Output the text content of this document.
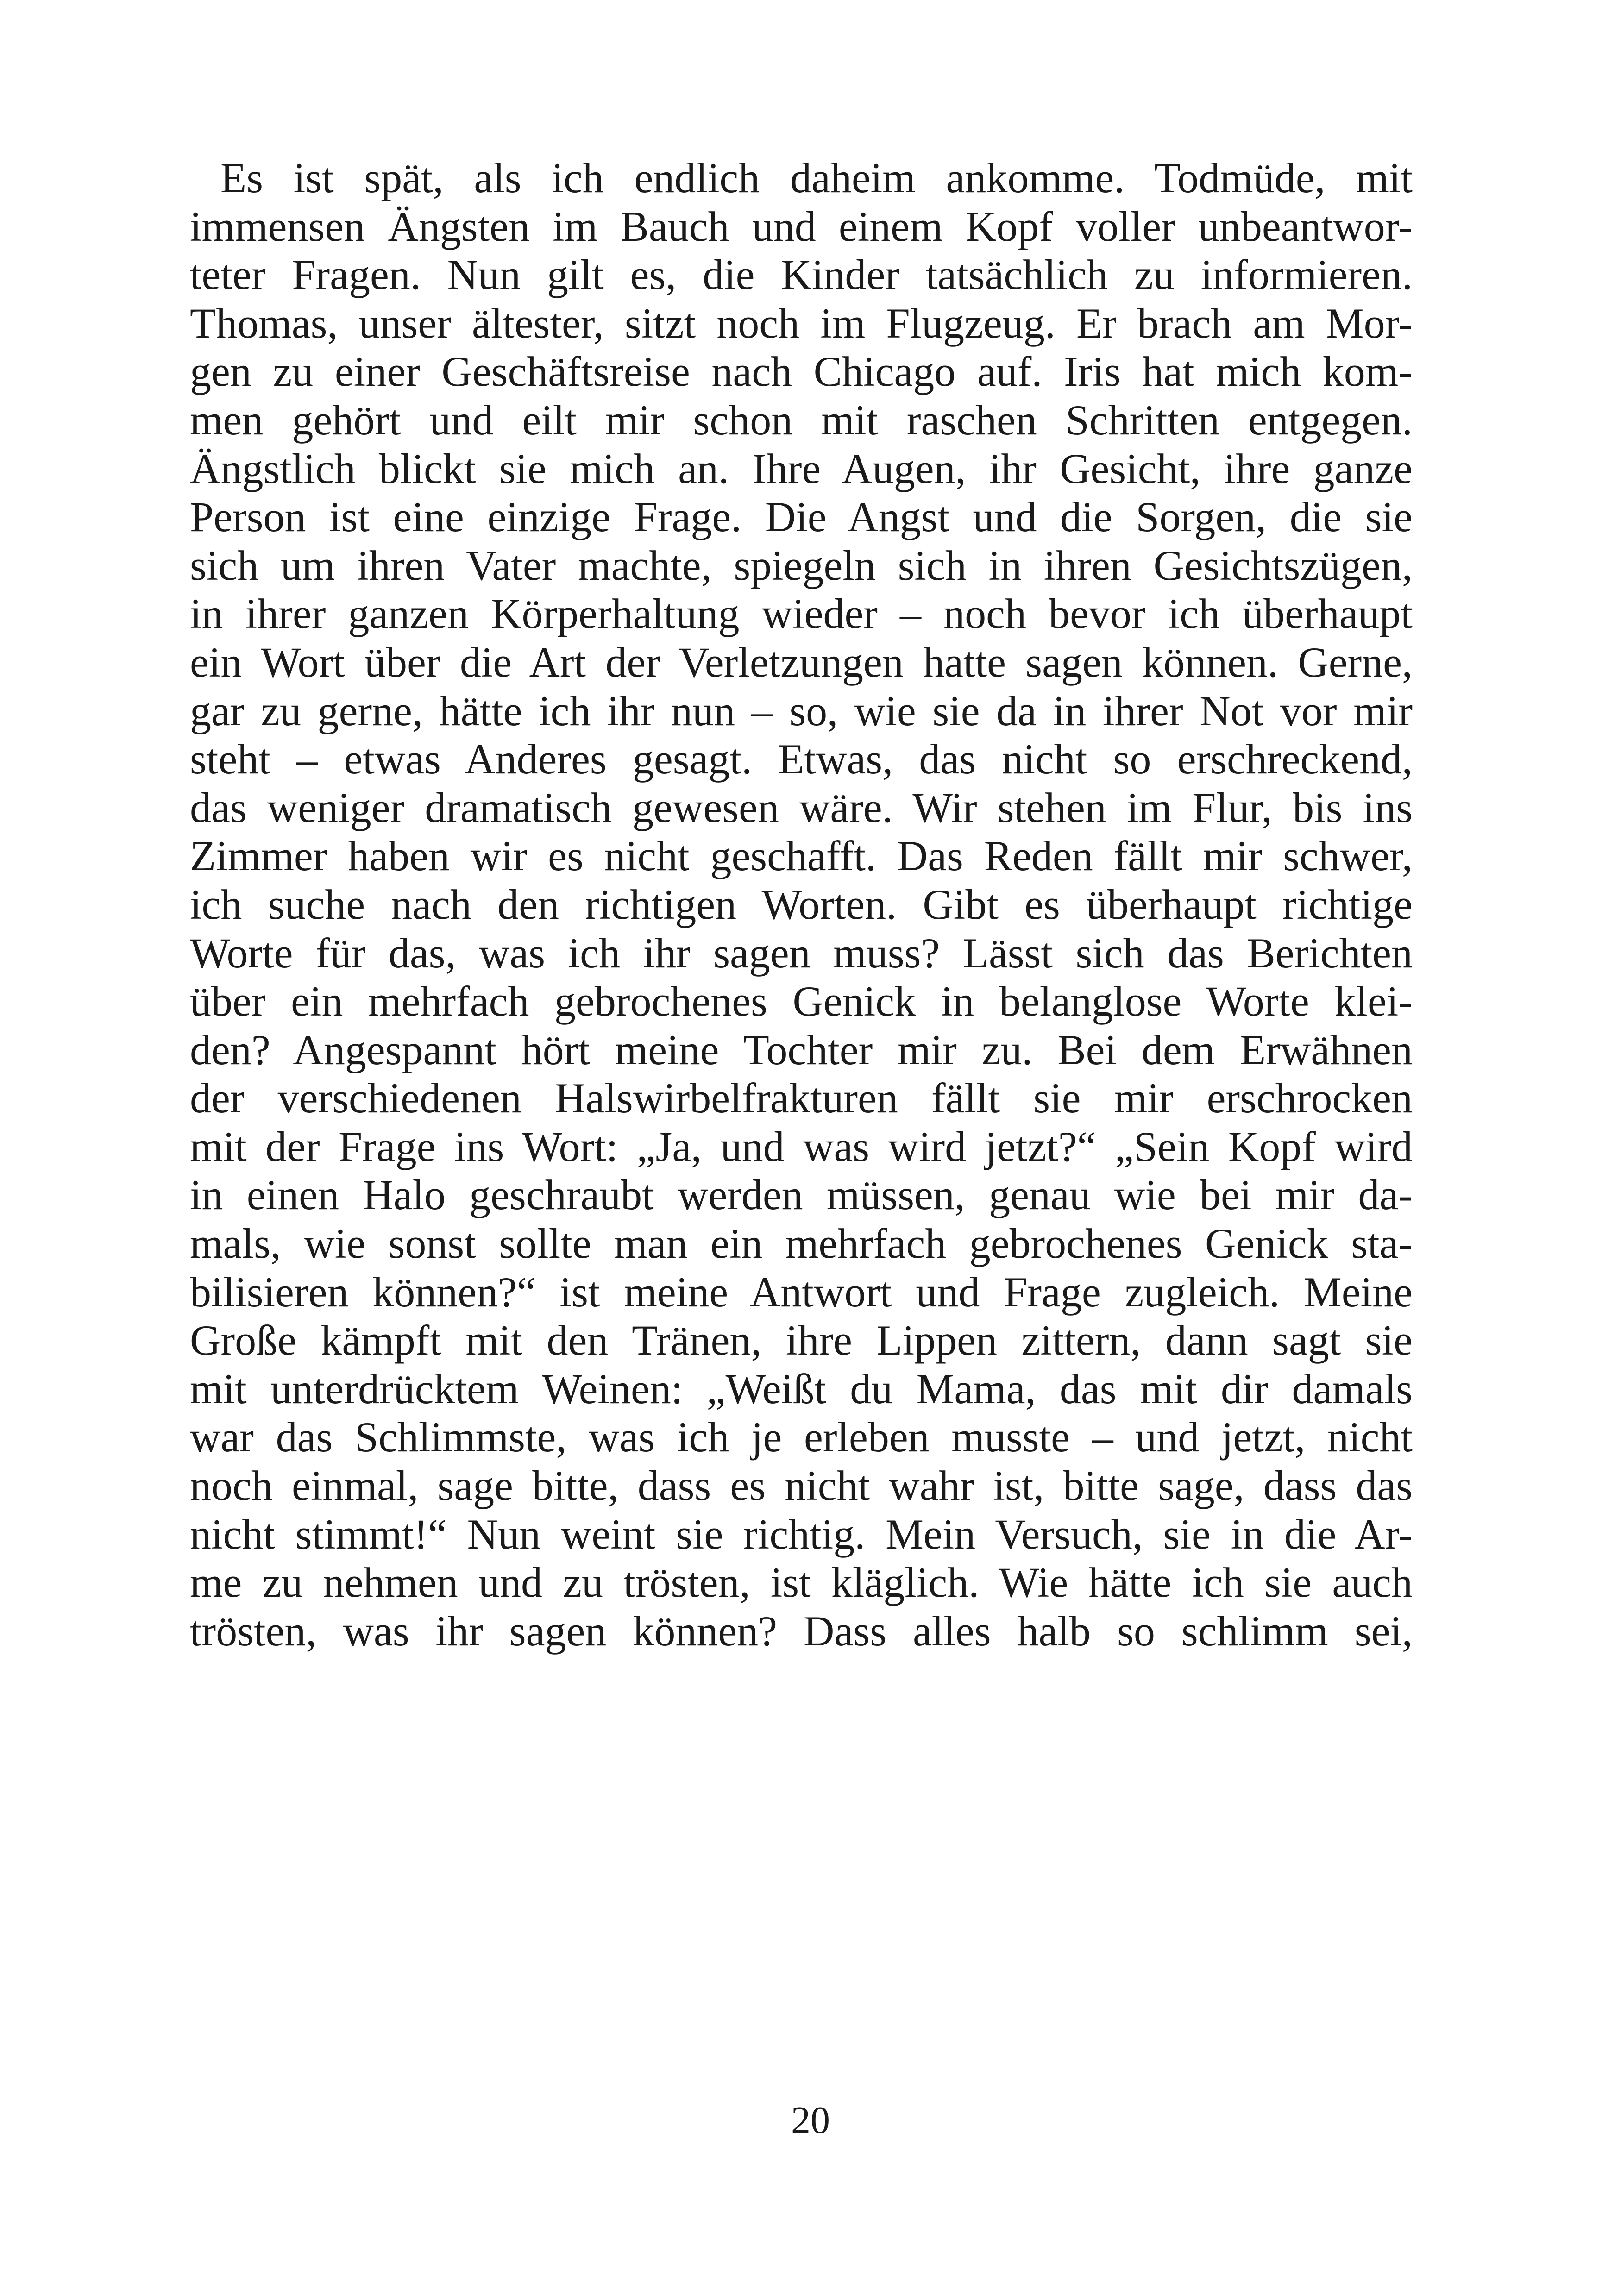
Es ist spät, als ich endlich daheim ankomme. Todmüde, mit
immensen Ängsten im Bauch und einem Kopf voller unbeantwor-
teter Fragen. Nun gilt es, die Kinder tatsächlich zu informieren.
Thomas, unser ältester, sitzt noch im Flugzeug. Er brach am Mor-
gen zu einer Geschäftsreise nach Chicago auf. Iris hat mich kom-
men gehört und eilt mir schon mit raschen Schritten entgegen.
Ängstlich blickt sie mich an. Ihre Augen, ihr Gesicht, ihre ganze
Person ist eine einzige Frage. Die Angst und die Sorgen, die sie
sich um ihren Vater machte, spiegeln sich in ihren Gesichtszügen,
in ihrer ganzen Körperhaltung wieder – noch bevor ich überhaupt
ein Wort über die Art der Verletzungen hatte sagen können. Gerne,
gar zu gerne, hätte ich ihr nun – so, wie sie da in ihrer Not vor mir
steht – etwas Anderes gesagt. Etwas, das nicht so erschreckend,
das weniger dramatisch gewesen wäre. Wir stehen im Flur, bis ins
Zimmer haben wir es nicht geschafft. Das Reden fällt mir schwer,
ich suche nach den richtigen Worten. Gibt es überhaupt richtige
Worte für das, was ich ihr sagen muss? Lässt sich das Berichten
über ein mehrfach gebrochenes Genick in belanglose Worte klei-
den? Angespannt hört meine Tochter mir zu. Bei dem Erwähnen
der verschiedenen Halswirbelfrakturen fällt sie mir erschrocken
mit der Frage ins Wort: „Ja, und was wird jetzt?“ „Sein Kopf wird
in einen Halo geschraubt werden müssen, genau wie bei mir da-
mals, wie sonst sollte man ein mehrfach gebrochenes Genick sta-
bilisieren können?“ ist meine Antwort und Frage zugleich. Meine
Große kämpft mit den Tränen, ihre Lippen zittern, dann sagt sie
mit unterdrücktem Weinen: „Weißt du Mama, das mit dir damals
war das Schlimmste, was ich je erleben musste – und jetzt, nicht
noch einmal, sage bitte, dass es nicht wahr ist, bitte sage, dass das
nicht stimmt!“ Nun weint sie richtig. Mein Versuch, sie in die Ar-
me zu nehmen und zu trösten, ist kläglich. Wie hätte ich sie auch
trösten, was ihr sagen können? Dass alles halb so schlimm sei,
20
